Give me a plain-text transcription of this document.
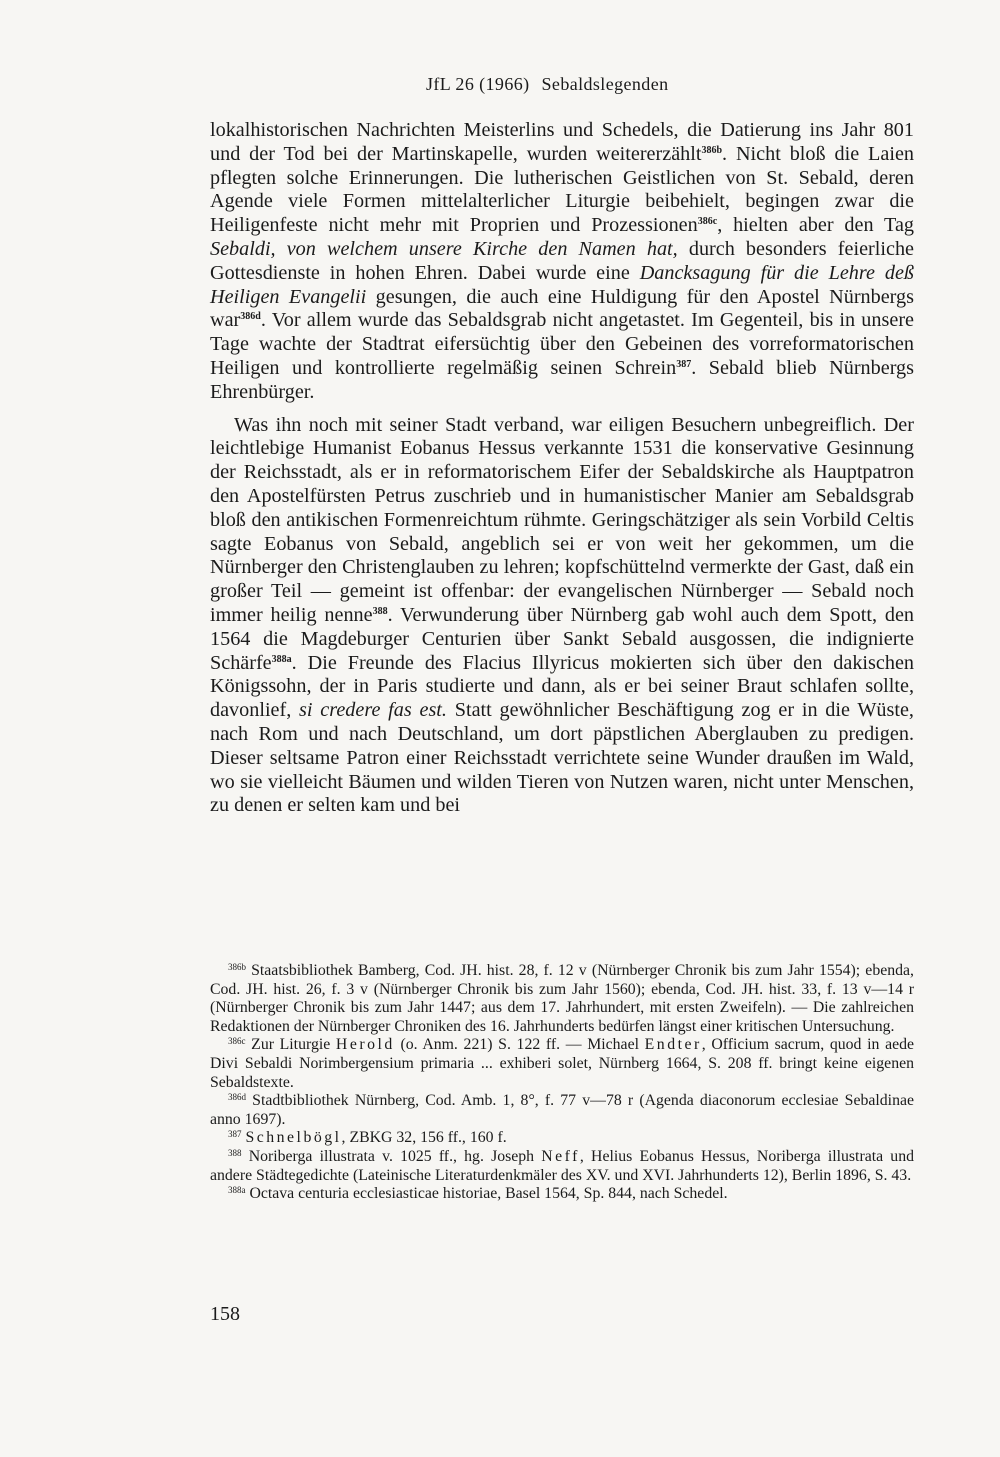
JfL 26 (1966) Sebaldslegenden

lokalhistorischen Nachrichten Meisterlins und Schedels, die Datierung ins Jahr 801 und der Tod bei der Martinskapelle, wurden weitererzählt$^{386b}$. Nicht bloß die Laien pflegten solche Erinnerungen. Die lutherischen Geistlichen von St. Sebald, deren Agende viele Formen mittelalterlicher Liturgie beibehielt, begingen zwar die Heiligenfeste nicht mehr mit Proprien und Prozessionen$^{386c}$, hielten aber den Tag Sebaldi, von welchem unsere Kirche den Namen hat, durch besonders feierliche Gottesdienste in hohen Ehren. Dabei wurde eine Dancksagung für die Lehre deß Heiligen Evangelii gesungen, die auch eine Huldigung für den Apostel Nürnbergs war$^{386d}$. Vor allem wurde das Sebaldsgrab nicht angetastet. Im Gegenteil, bis in unsere Tage wachte der Stadtrat eifersüchtig über den Gebeinen des vorreformatorischen Heiligen und kontrollierte regelmäßig seinen Schrein$^{387}$. Sebald blieb Nürnbergs Ehrenbürger.

Was ihn noch mit seiner Stadt verband, war eiligen Besuchern unbegreiflich. Der leichtlebige Humanist Eobanus Hessus verkannte 1531 die konservative Gesinnung der Reichsstadt, als er in reformatorischem Eifer der Sebaldskirche als Hauptpatron den Apostelfürsten Petrus zuschrieb und in humanistischer Manier am Sebaldsgrab bloß den antikischen Formenreichtum rühmte. Geringschätziger als sein Vorbild Celtis sagte Eobanus von Sebald, angeblich sei er von weit her gekommen, um die Nürnberger den Christenglauben zu lehren; kopfschüttelnd vermerkte der Gast, daß ein großer Teil — gemeint ist offenbar: der evangelischen Nürnberger — Sebald noch immer heilig nenne$^{388}$. Verwunderung über Nürnberg gab wohl auch dem Spott, den 1564 die Magdeburger Centurien über Sankt Sebald ausgossen, die indignierte Schärfe$^{388a}$. Die Freunde des Flacius Illyricus mokierten sich über den dakischen Königssohn, der in Paris studierte und dann, als er bei seiner Braut schlafen sollte, davonlief, si credere fas est. Statt gewöhnlicher Beschäftigung zog er in die Wüste, nach Rom und nach Deutschland, um dort päpstlichen Aberglauben zu predigen. Dieser seltsame Patron einer Reichsstadt verrichtete seine Wunder draußen im Wald, wo sie vielleicht Bäumen und wilden Tieren von Nutzen waren, nicht unter Menschen, zu denen er selten kam und bei

$^{386b}$ Staatsbibliothek Bamberg, Cod. JH. hist. 28, f. 12 v (Nürnberger Chronik bis zum Jahr 1554); ebenda, Cod. JH. hist. 26, f. 3 v (Nürnberger Chronik bis zum Jahr 1560); ebenda, Cod. JH. hist. 33, f. 13 v—14 r (Nürnberger Chronik bis zum Jahr 1447; aus dem 17. Jahrhundert, mit ersten Zweifeln). — Die zahlreichen Redaktionen der Nürnberger Chroniken des 16. Jahrhunderts bedürfen längst einer kritischen Untersuchung.

$^{386c}$ Zur Liturgie Herold (o. Anm. 221) S. 122 ff. — Michael Endter, Officium sacrum, quod in aede Divi Sebaldi Norimbergensium primaria ... exhiberi solet, Nürnberg 1664, S. 208 ff. bringt keine eigenen Sebaldstexte.

$^{386d}$ Stadtbibliothek Nürnberg, Cod. Amb. 1, 8°, f. 77 v—78 r (Agenda diaconorum ecclesiae Sebaldinae anno 1697).

$^{387}$ Schnelbögl, ZBKG 32, 156 ff., 160 f.

$^{388}$ Noriberga illustrata v. 1025 ff., hg. Joseph Neff, Helius Eobanus Hessus, Noriberga illustrata und andere Städtegedichte (Lateinische Literaturdenkmäler des XV. und XVI. Jahrhunderts 12), Berlin 1896, S. 43.

$^{388a}$ Octava centuria ecclesiasticae historiae, Basel 1564, Sp. 844, nach Schedel.

158
